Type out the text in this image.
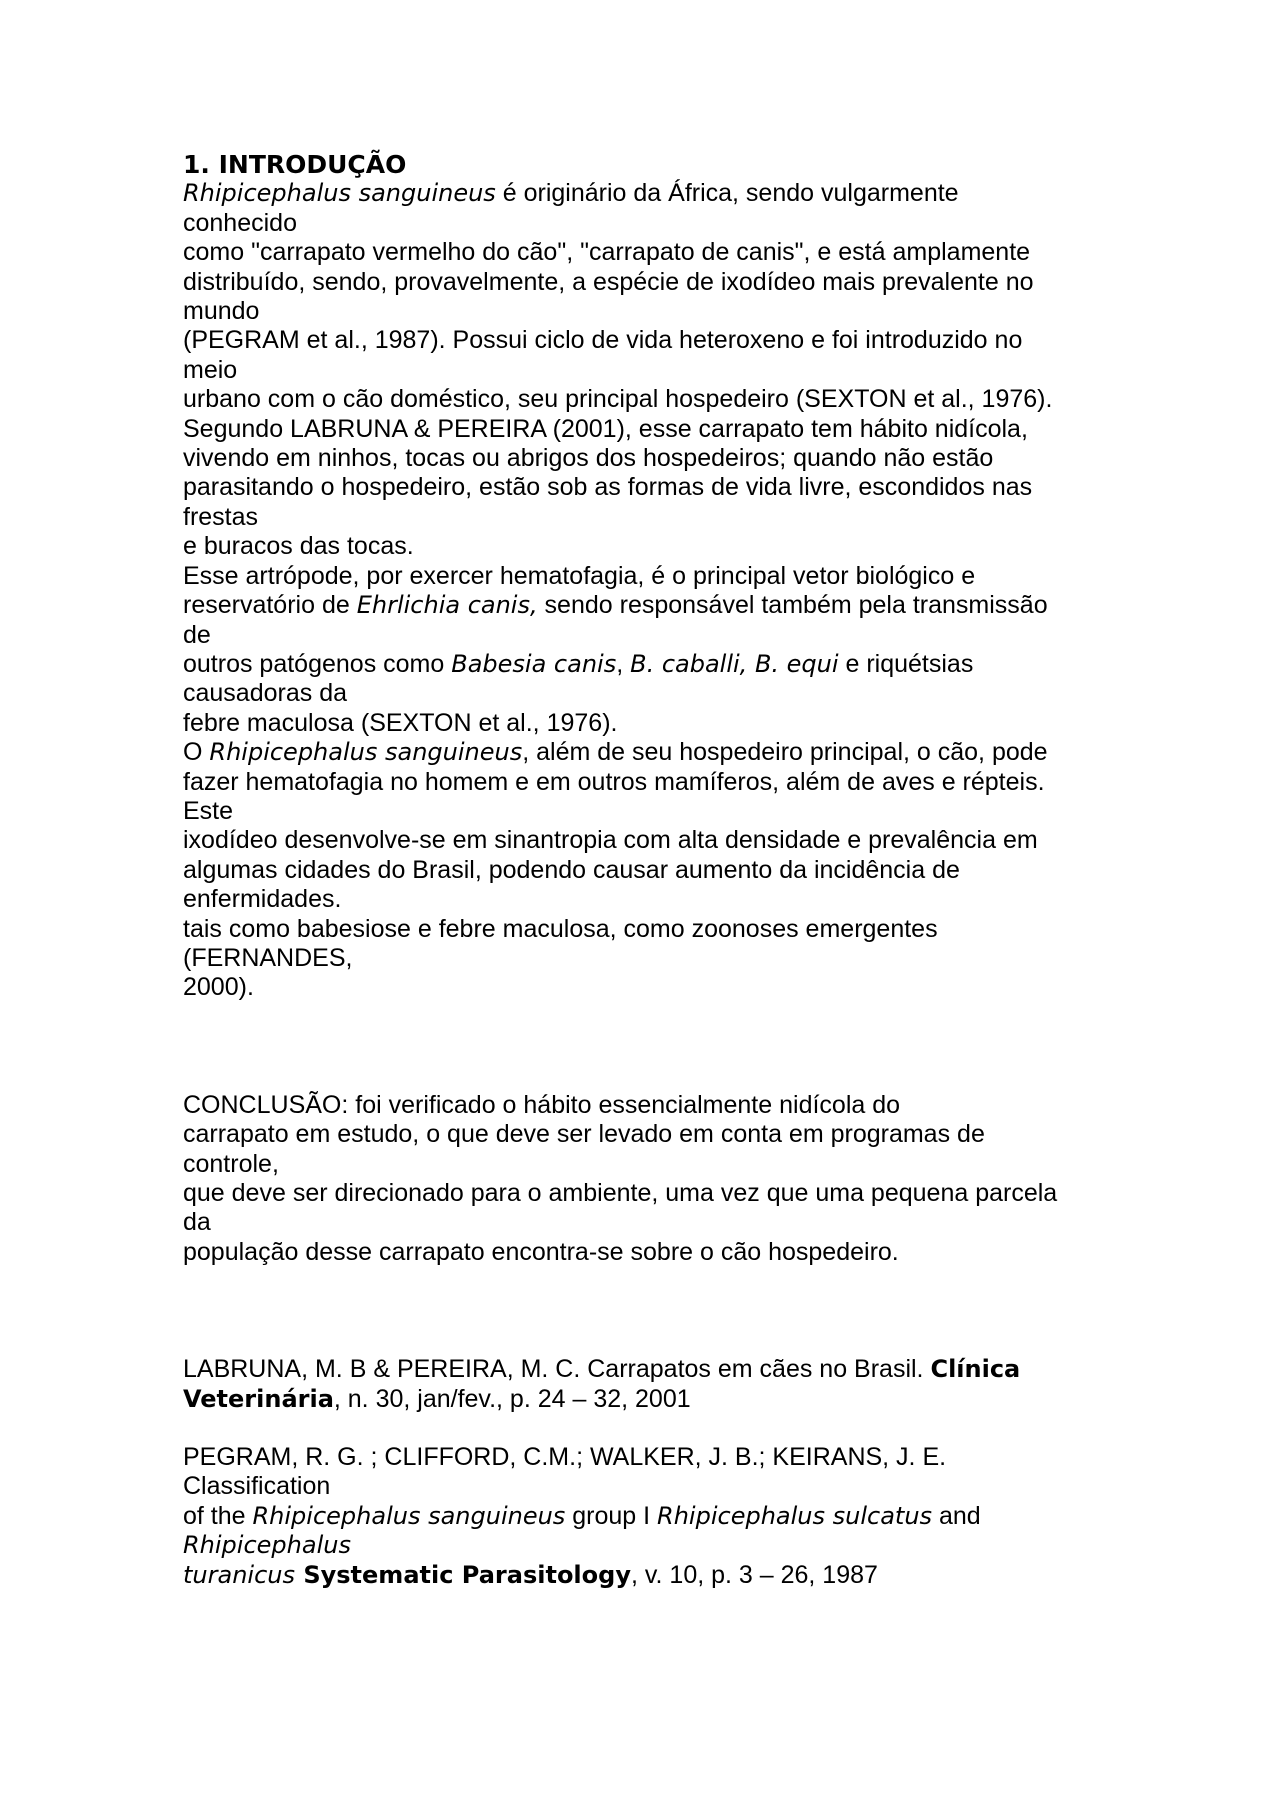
1. INTRODUÇÃO
Rhipicephalus sanguineus é originário da África, sendo vulgarmente
conhecido
como "carrapato vermelho do cão", "carrapato de canis", e está amplamente
distribuído, sendo, provavelmente, a espécie de ixodídeo mais prevalente no
mundo
(PEGRAM et al., 1987). Possui ciclo de vida heteroxeno e foi introduzido no
meio
urbano com o cão doméstico, seu principal hospedeiro (SEXTON et al., 1976).
Segundo LABRUNA & PEREIRA (2001), esse carrapato tem hábito nidícola,
vivendo em ninhos, tocas ou abrigos dos hospedeiros; quando não estão
parasitando o hospedeiro, estão sob as formas de vida livre, escondidos nas
frestas
e buracos das tocas.
Esse artrópode, por exercer hematofagia, é o principal vetor biológico e
reservatório de Ehrlichia canis, sendo responsável também pela transmissão
de
outros patógenos como Babesia canis, B. caballi, B. equi e riquétsias
causadoras da
febre maculosa (SEXTON et al., 1976).
O Rhipicephalus sanguineus, além de seu hospedeiro principal, o cão, pode
fazer hematofagia no homem e em outros mamíferos, além de aves e répteis.
Este
ixodídeo desenvolve-se em sinantropia com alta densidade e prevalência em
algumas cidades do Brasil, podendo causar aumento da incidência de
enfermidades.
tais como babesiose e febre maculosa, como zoonoses emergentes
(FERNANDES,
2000).
CONCLUSÃO: foi verificado o hábito essencialmente nidícola do
carrapato em estudo, o que deve ser levado em conta em programas de
controle,
que deve ser direcionado para o ambiente, uma vez que uma pequena parcela
da
população desse carrapato encontra-se sobre o cão hospedeiro.
LABRUNA, M. B & PEREIRA, M. C. Carrapatos em cães no Brasil. Clínica
Veterinária, n. 30, jan/fev., p. 24 – 32, 2001
PEGRAM, R. G. ; CLIFFORD, C.M.; WALKER, J. B.; KEIRANS, J. E.
Classification
of the Rhipicephalus sanguineus group I Rhipicephalus sulcatus and
Rhipicephalus
turanicus Systematic Parasitology, v. 10, p. 3 – 26, 1987
